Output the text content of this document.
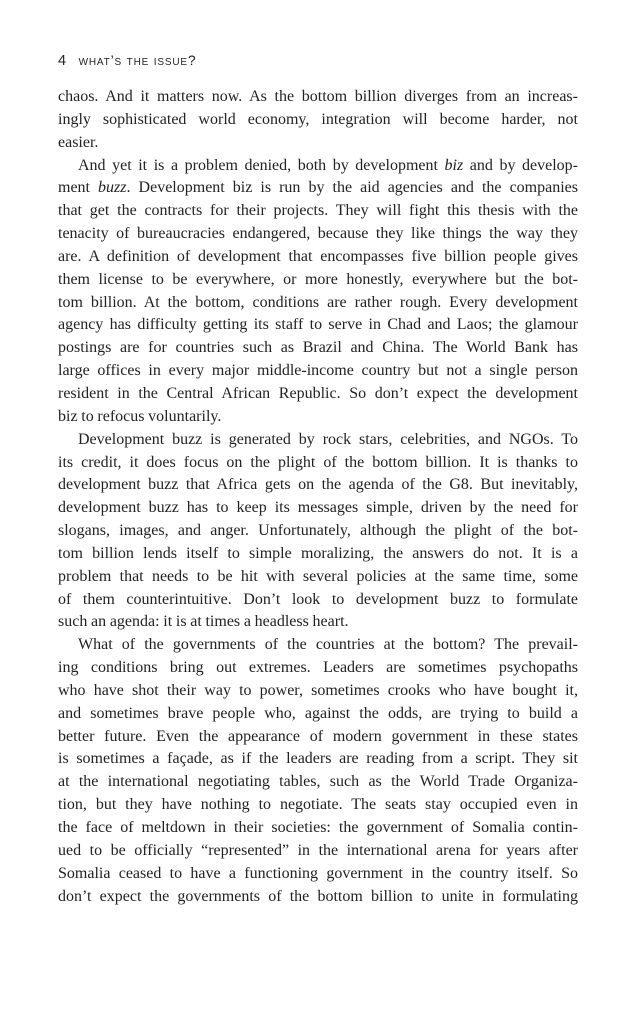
4 what’s the issue?
chaos. And it matters now. As the bottom billion diverges from an increas-
ingly sophisticated world economy, integration will become harder, not
easier.
And yet it is a problem denied, both by development biz and by develop-
ment buzz. Development biz is run by the aid agencies and the companies
that get the contracts for their projects. They will fight this thesis with the
tenacity of bureaucracies endangered, because they like things the way they
are. A definition of development that encompasses five billion people gives
them license to be everywhere, or more honestly, everywhere but the bot-
tom billion. At the bottom, conditions are rather rough. Every development
agency has difficulty getting its staff to serve in Chad and Laos; the glamour
postings are for countries such as Brazil and China. The World Bank has
large offices in every major middle-income country but not a single person
resident in the Central African Republic. So don’t expect the development
biz to refocus voluntarily.
Development buzz is generated by rock stars, celebrities, and NGOs. To
its credit, it does focus on the plight of the bottom billion. It is thanks to
development buzz that Africa gets on the agenda of the G8. But inevitably,
development buzz has to keep its messages simple, driven by the need for
slogans, images, and anger. Unfortunately, although the plight of the bot-
tom billion lends itself to simple moralizing, the answers do not. It is a
problem that needs to be hit with several policies at the same time, some
of them counterintuitive. Don’t look to development buzz to formulate
such an agenda: it is at times a headless heart.
What of the governments of the countries at the bottom? The prevail-
ing conditions bring out extremes. Leaders are sometimes psychopaths
who have shot their way to power, sometimes crooks who have bought it,
and sometimes brave people who, against the odds, are trying to build a
better future. Even the appearance of modern government in these states
is sometimes a façade, as if the leaders are reading from a script. They sit
at the international negotiating tables, such as the World Trade Organiza-
tion, but they have nothing to negotiate. The seats stay occupied even in
the face of meltdown in their societies: the government of Somalia contin-
ued to be officially “represented” in the international arena for years after
Somalia ceased to have a functioning government in the country itself. So
don’t expect the governments of the bottom billion to unite in formulating
